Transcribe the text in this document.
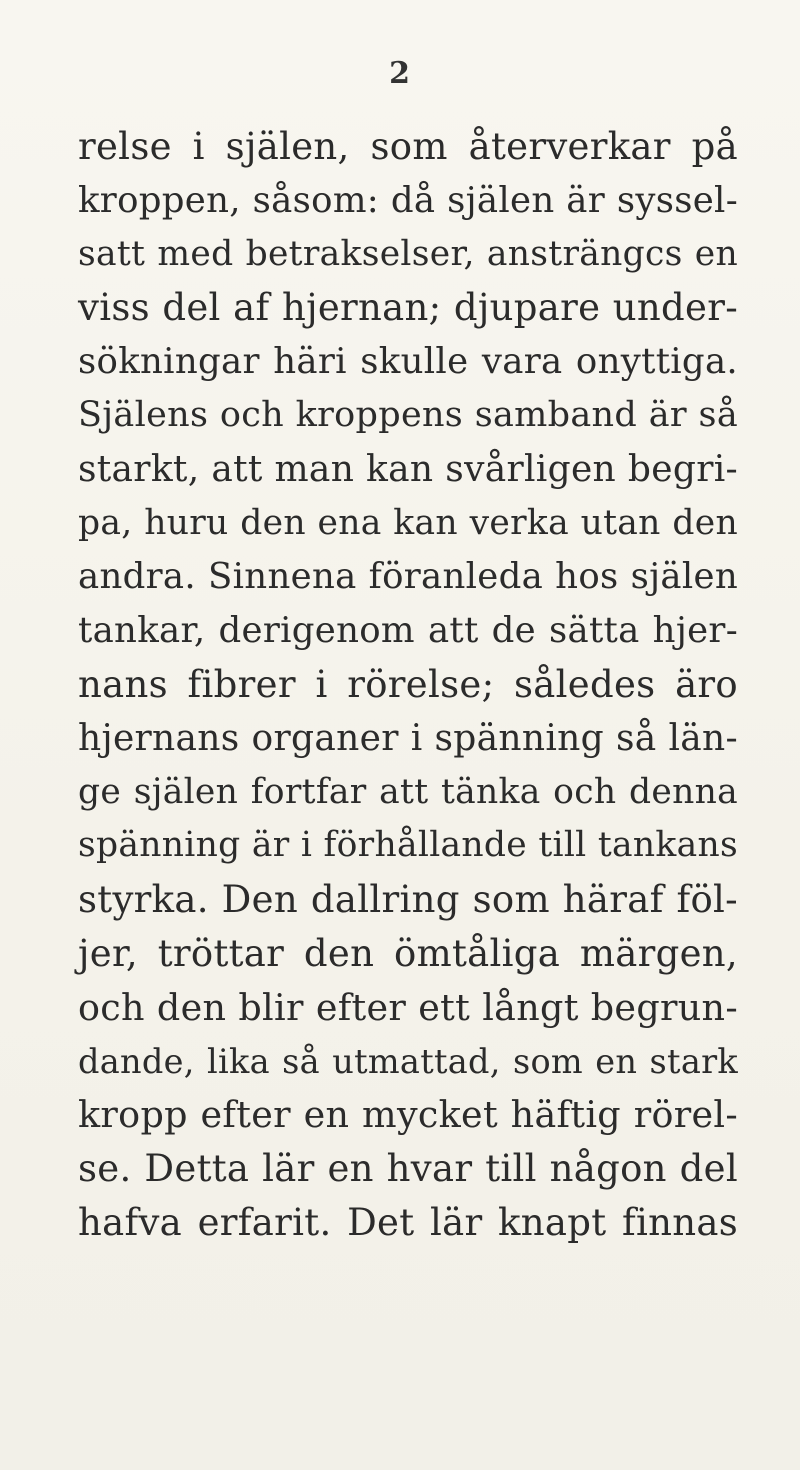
2
relse i själen, som återverkar på
kroppen, såsom: då själen är syssel-
satt med betrakselser, ansträngcs en
viss del af hjernan; djupare under-
sökningar häri skulle vara onyttiga.
Själens och kroppens samband är så
starkt, att man kan svårligen begri-
pa, huru den ena kan verka utan den
andra. Sinnena föranleda hos själen
tankar, derigenom att de sätta hjer-
nans fibrer i rörelse; således äro
hjernans organer i spänning så län-
ge själen fortfar att tänka och denna
spänning är i förhållande till tankans
styrka. Den dallring som häraf föl-
jer, tröttar den ömtåliga märgen,
och den blir efter ett långt begrun-
dande, lika så utmattad, som en stark
kropp efter en mycket häftig rörel-
se. Detta lär en hvar till någon del
hafva erfarit. Det lär knapt finnas
